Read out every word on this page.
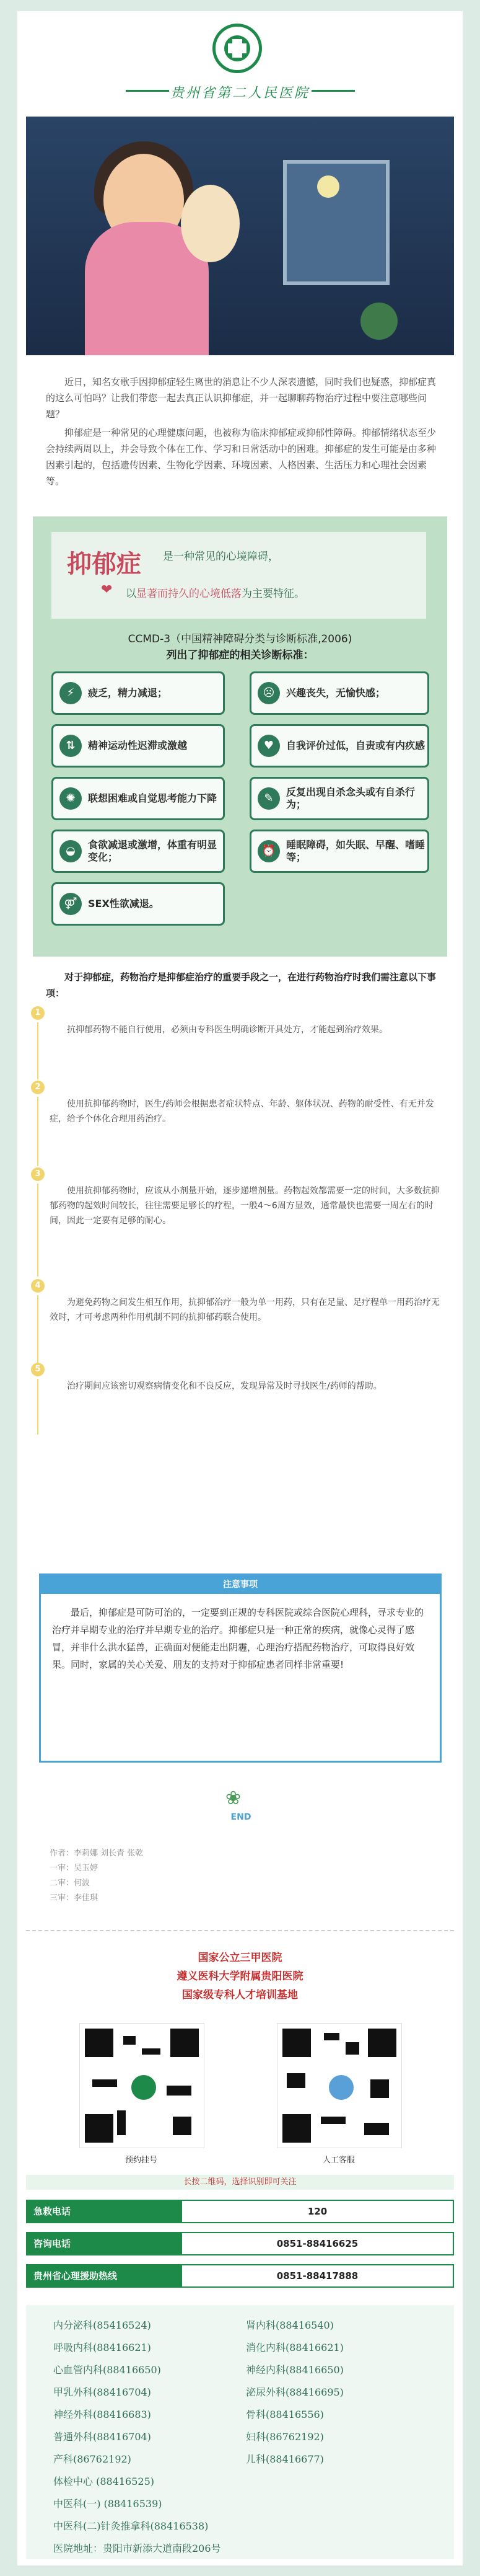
贵州省第二人民医院

近日，知名女歌手因抑郁症轻生离世的消息让不少人深表遗憾，同时我们也疑惑，抑郁症真的这么可怕吗？让我们带您一起去真正认识抑郁症，并一起聊聊药物治疗过程中要注意哪些问题？

抑郁症是一种常见的心理健康问题，也被称为临床抑郁症或抑郁性障碍。抑郁情绪状态至少会持续两周以上，并会导致个体在工作、学习和日常活动中的困难。抑郁症的发生可能是由多种因素引起的，包括遗传因素、生物化学因素、环境因素、人格因素、生活压力和心理社会因素等。

抑郁症 是一种常见的心境障碍，
❤ 以显著而持久的心境低落为主要特征。
CCMD-3（中国精神障碍分类与诊断标准,2006)
列出了抑郁症的相关诊断标准：
⚡	疲乏，精力减退；	☹	兴趣丧失，无愉快感；
⇅	精神运动性迟滞或激越	♥	自我评价过低，自责或有内疚感
✺	联想困难或自觉思考能力下降	✎	反复出现自杀念头或有自杀行为；
◒	食欲减退或激增，体重有明显变化；	⏰	睡眠障碍，如失眠、早醒、嗜睡等；
⚤	SEX性欲减退。

对于抑郁症，药物治疗是抑郁症治疗的重要手段之一，在进行药物治疗时我们需注意以下事项：

1

抗抑郁药物不能自行使用，必须由专科医生明确诊断开具处方，才能起到治疗效果。

2

使用抗抑郁药物时，医生/药师会根据患者症状特点、年龄、躯体状况、药物的耐受性、有无并发症，给予个体化合理用药治疗。

3

使用抗抑郁药物时，应该从小剂量开始，逐步递增剂量。药物起效都需要一定的时间，大多数抗抑郁药物的起效时间较长，往往需要足够长的疗程，一般4～6周方显效，通常最快也需要一周左右的时间，因此一定要有足够的耐心。

4

为避免药物之间发生相互作用，抗抑郁治疗一般为单一用药，只有在足量、足疗程单一用药治疗无效时，才可考虑两种作用机制不同的抗抑郁药联合使用。

5

治疗期间应该密切观察病情变化和不良反应，发现异常及时寻找医生/药师的帮助。

注意事项

最后，抑郁症是可防可治的，一定要到正规的专科医院或综合医院心理科，寻求专业的治疗并早期专业的治疗并早期专业的治疗。抑郁症只是一种正常的疾病，就像心灵得了感冒，并非什么洪水猛兽，正确面对便能走出阴霾，心理治疗搭配药物治疗，可取得良好效果。同时，家属的关心关爱、朋友的支持对于抑郁症患者同样非常重要!

❀
END
作者：李莉娜 刘长青 张乾
一审：吴玉婷
二审：何波
三审：李佳琪
国家公立三甲医院
遵义医科大学附属贵阳医院
国家级专科人才培训基地
预约挂号	人工客服
长按二维码，选择识别即可关注
急救电话	120
咨询电话	0851-88416625
贵州省心理援助热线	0851-88417888
内分泌科(85416524)	肾内科(88416540)
呼吸内科(88416621)	消化内科(88416621)
心血管内科(88416650)	神经内科(88416650)
甲乳外科(88416704)	泌尿外科(88416695)
神经外科(88416683)	骨科(88416556)
普通外科(88416704)	妇科(86762192)
产科(86762192)	儿科(88416677)
体检中心 (88416525)
中医科(一) (88416539)
中医科(二)针灸推拿科(88416538)
医院地址：贵阳市新添大道南段206号
